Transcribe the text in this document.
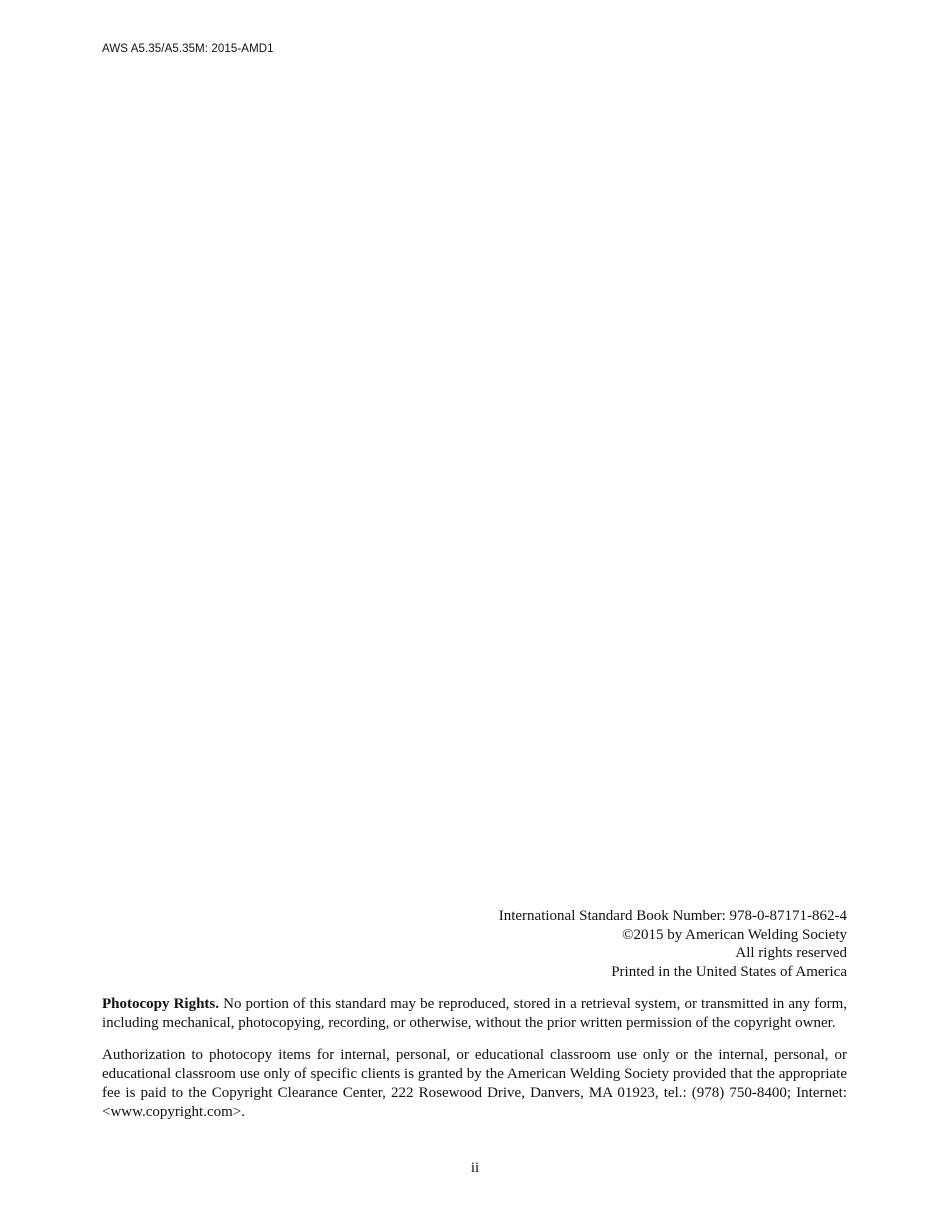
AWS A5.35/A5.35M: 2015-AMD1
International Standard Book Number: 978-0-87171-862-4
©2015 by American Welding Society
All rights reserved
Printed in the United States of America

Photocopy Rights. No portion of this standard may be reproduced, stored in a retrieval system, or transmitted in any form, including mechanical, photocopying, recording, or otherwise, without the prior written permission of the copyright owner.

Authorization to photocopy items for internal, personal, or educational classroom use only or the internal, personal, or educational classroom use only of specific clients is granted by the American Welding Society provided that the appropriate fee is paid to the Copyright Clearance Center, 222 Rosewood Drive, Danvers, MA 01923, tel.: (978) 750-8400; Internet: <www.copyright.com>.

ii
